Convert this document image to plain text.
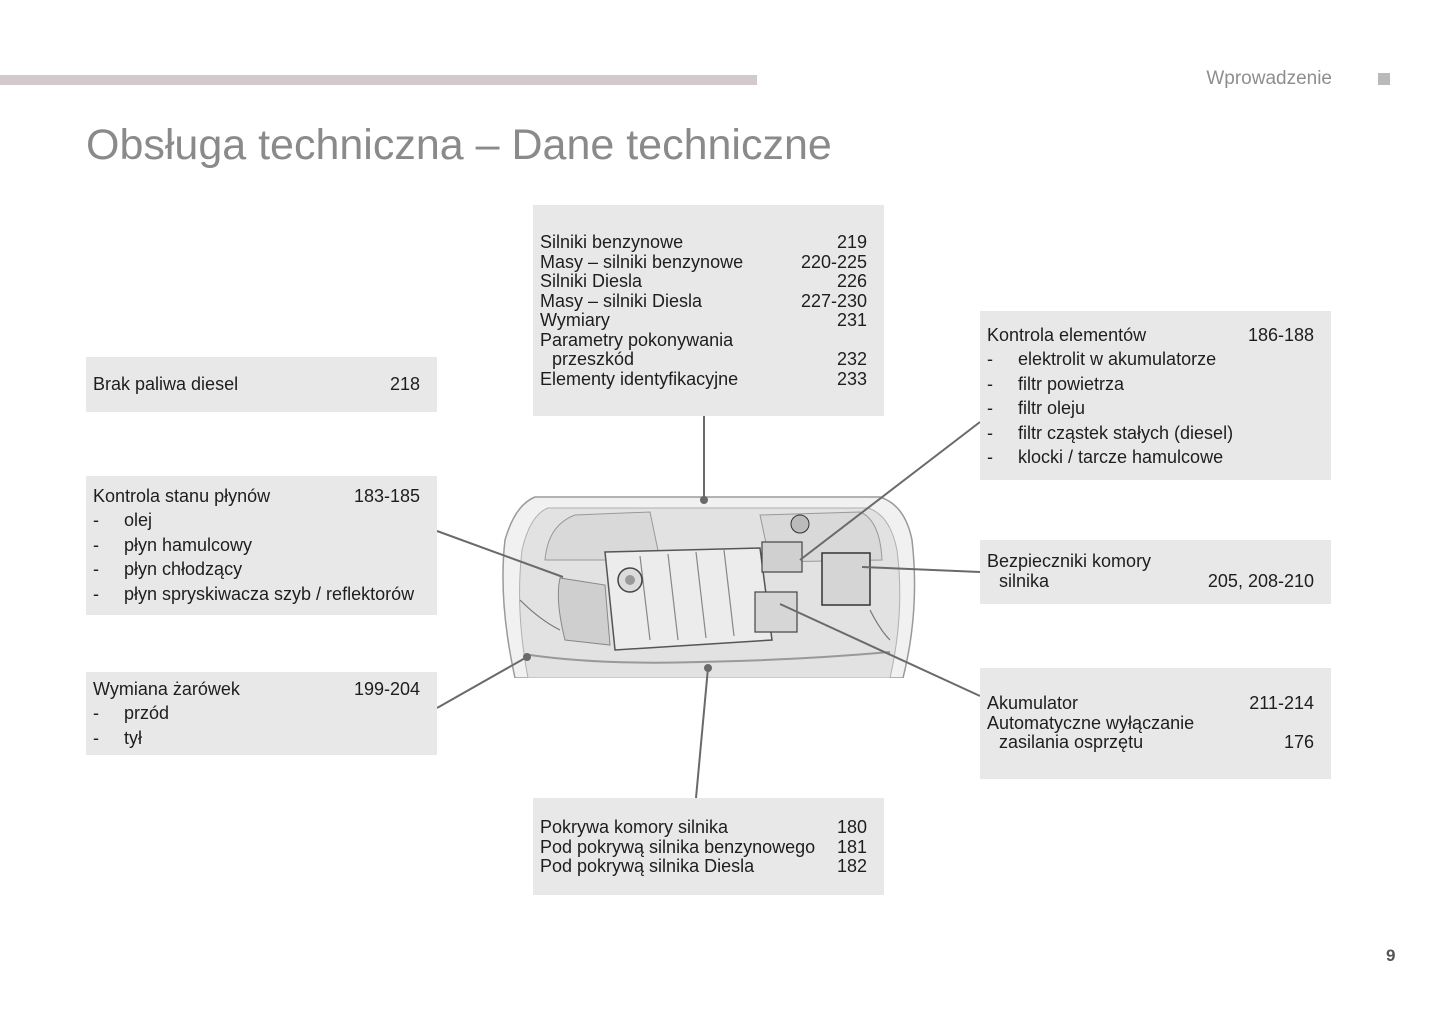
Wprowadzenie
Obsługa techniczna – Dane techniczne
Silniki benzynowe	219
Masy – silniki benzynowe	220-225
Silniki Diesla	226
Masy – silniki Diesla	227-230
Wymiary	231
Parametry pokonywania
przeszkód	232
Elementy identyfikacyjne	233
Brak paliwa diesel	218
Kontrola stanu płynów	183-185
- olej
- płyn hamulcowy
- płyn chłodzący
- płyn spryskiwacza szyb / reflektorów
Wymiana żarówek	199-204
- przód
- tył
Pokrywa komory silnika	180
Pod pokrywą silnika benzynowego 181
Pod pokrywą silnika Diesla	182
Kontrola elementów	186-188
- elektrolit w akumulatorze
- filtr powietrza
- filtr oleju
- filtr cząstek stałych (diesel)
- klocki / tarcze hamulcowe
Bezpieczniki komory
silnika	205, 208-210
Akumulator	211-214
Automatyczne wyłączanie
zasilania osprzętu	176
9
